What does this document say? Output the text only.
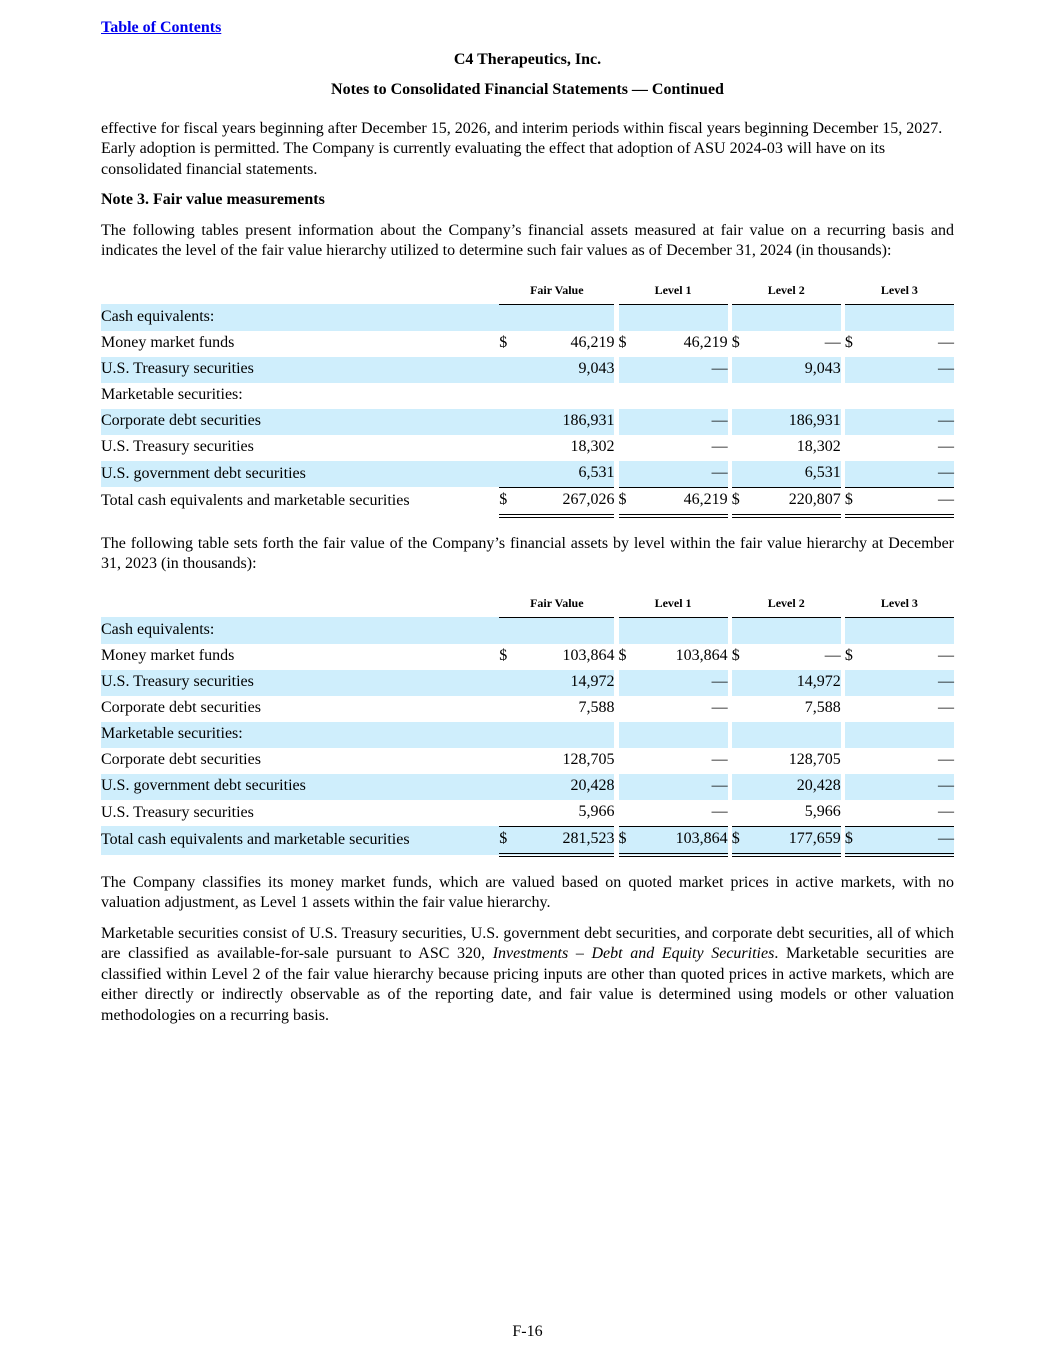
Table of Contents
C4 Therapeutics, Inc.
Notes to Consolidated Financial Statements — Continued

effective for fiscal years beginning after December 15, 2026, and interim periods within fiscal years beginning December 15, 2027. Early adoption is permitted. The Company is currently evaluating the effect that adoption of ASU 2024-03 will have on its consolidated financial statements.

Note 3. Fair value measurements

The following tables present information about the Company’s financial assets measured at fair value on a recurring basis and indicates the level of the fair value hierarchy utilized to determine such fair values as of December 31, 2024 (in thousands):

	Fair Value			Level 1			Level 2			Level 3	
Cash equivalents:											
Money market funds	$	46,219		$	46,219		$	—		$	—
U.S. Treasury securities		9,043			—			9,043			—
Marketable securities:											
Corporate debt securities		186,931			—			186,931			—
U.S. Treasury securities		18,302			—			18,302			—
U.S. government debt securities		6,531			—			6,531			—
Total cash equivalents and marketable securities	$	267,026		$	46,219		$	220,807		$	—

The following table sets forth the fair value of the Company’s financial assets by level within the fair value hierarchy at December 31, 2023 (in thousands):

	Fair Value			Level 1			Level 2			Level 3	
Cash equivalents:											
Money market funds	$	103,864		$	103,864		$	—		$	—
U.S. Treasury securities		14,972			—			14,972			—
Corporate debt securities		7,588			—			7,588			—
Marketable securities:											
Corporate debt securities		128,705			—			128,705			—
U.S. government debt securities		20,428			—			20,428			—
U.S. Treasury securities		5,966			—			5,966			—
Total cash equivalents and marketable securities	$	281,523		$	103,864		$	177,659		$	—

The Company classifies its money market funds, which are valued based on quoted market prices in active markets, with no valuation adjustment, as Level 1 assets within the fair value hierarchy.

Marketable securities consist of U.S. Treasury securities, U.S. government debt securities, and corporate debt securities, all of which are classified as available-for-sale pursuant to ASC 320, Investments – Debt and Equity Securities. Marketable securities are classified within Level 2 of the fair value hierarchy because pricing inputs are other than quoted prices in active markets, which are either directly or indirectly observable as of the reporting date, and fair value is determined using models or other valuation methodologies on a recurring basis.

F-16
